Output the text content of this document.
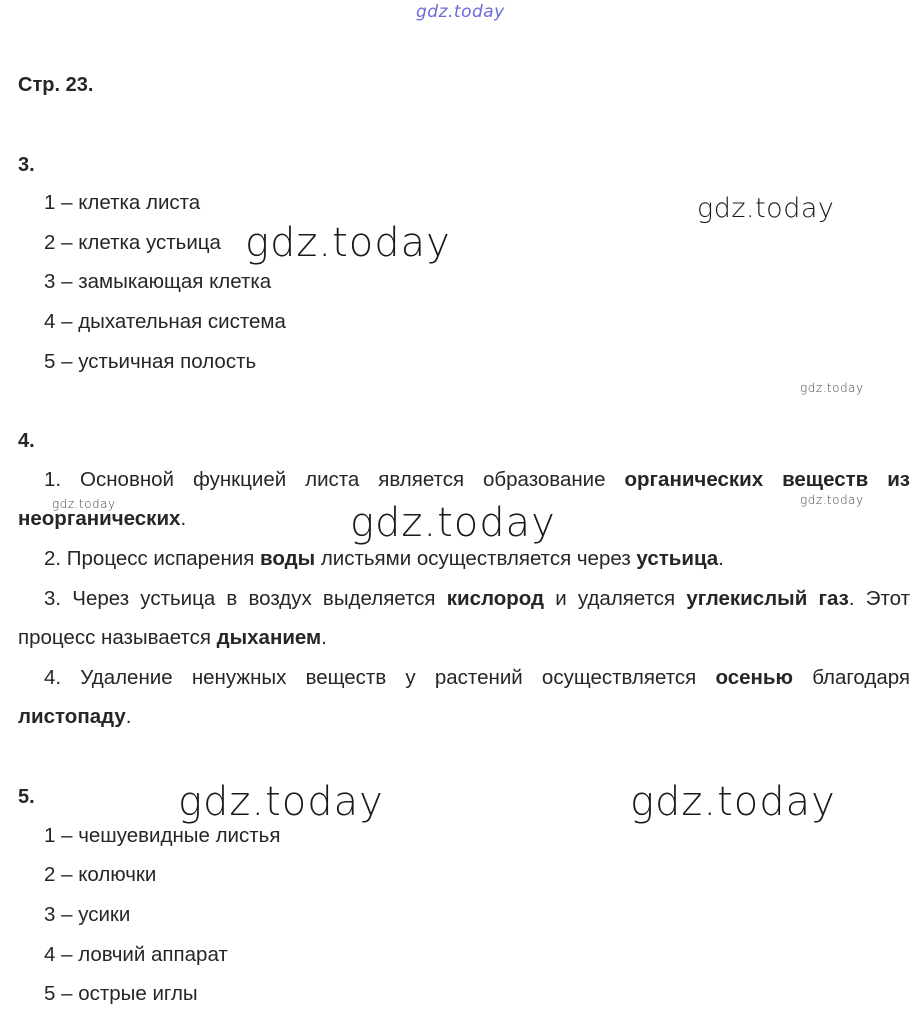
gdz.today
gdz.today
gdz.today
gdz.today
gdz.today	gdz.today
gdz.today
gdz.today	gdz.today
Стр. 23.
3.
1 – клетка листа
2 – клетка устьица
3 – замыкающая клетка
4 – дыхательная система
5 – устьичная полость
4.
1. Основной функцией листа является образование органических веществ из неорганических.
2. Процесс испарения воды листьями осуществляется через устьица.
3. Через устьица в воздух выделяется кислород и удаляется углекислый газ. Этот процесс называется дыханием.
4. Удаление ненужных веществ у растений осуществляется осенью благодаря листопаду.
5.
1 – чешуевидные листья
2 – колючки
3 – усики
4 – ловчий аппарат
5 – острые иглы
